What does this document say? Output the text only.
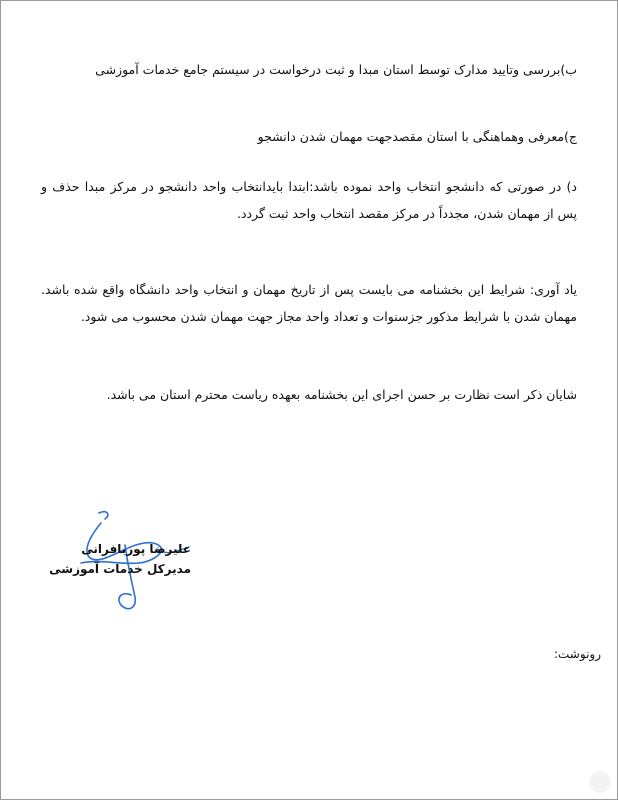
ب)بررسی وتایید مدارک توسط استان مبدا و ثبت درخواست در سیستم جامع خدمات آموزشی

ج)معرفی وهماهنگی با استان مقصدجهت مهمان شدن دانشجو

د) در صورتی که دانشجو انتخاب واحد نموده باشد:ابتدا بایدانتخاب واحد دانشجو در مرکز مبدا حذف و پس از مهمان شدن، مجدداً در مرکز مقصد انتخاب واحد ثبت گردد.

یاد آوری: شرایط این بخشنامه می بایست پس از تاریخ مهمان و انتخاب واحد دانشگاه واقع شده باشد. مهمان شدن با شرایط مذکور جزسنوات و تعداد واحد مجاز جهت مهمان شدن محسوب می شود.

شایان ذکر است نظارت بر حسن اجرای این بخشنامه بعهده ریاست محترم استان می باشد.

علیرضا پوربافرانی
مدیرکل خدمات آموزشی
رونوشت:
